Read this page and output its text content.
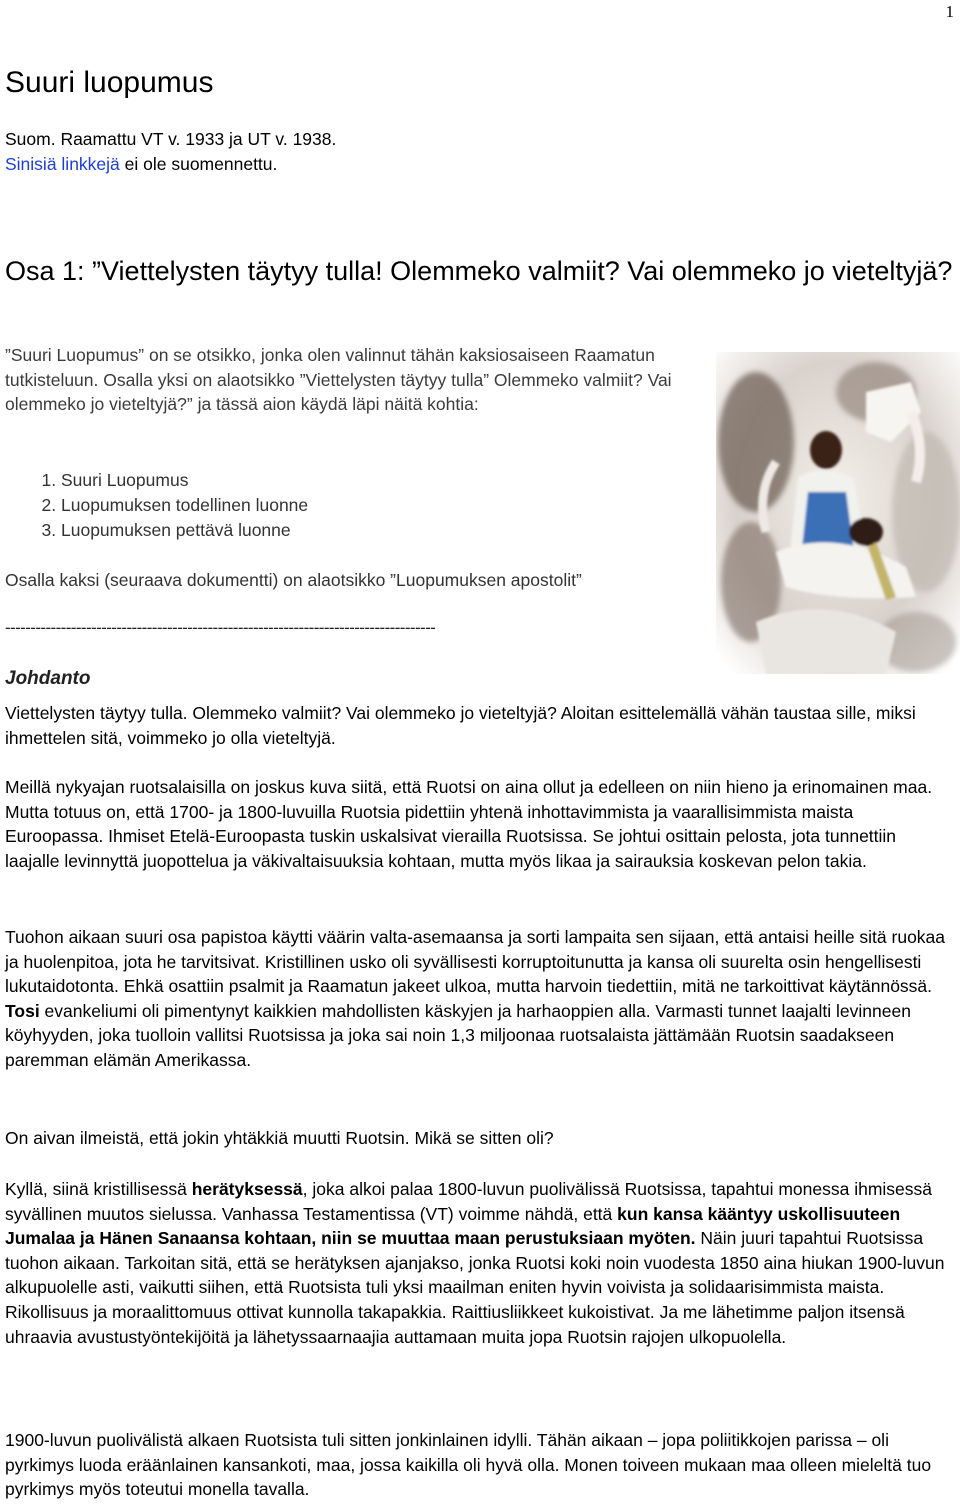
1
Suuri luopumus

Suom. Raamattu VT v. 1933 ja UT v. 1938.

Sinisiä linkkejä ei ole suomennettu.

Osa 1: ”Viettelysten täytyy tulla! Olemmeko valmiit? Vai olemmeko jo vieteltyjä?

”Suuri Luopumus” on se otsikko, jonka olen valinnut tähän kaksiosaiseen Raamatun tutkisteluun. Osalla yksi on alaotsikko ”Viettelysten täytyy tulla” Olemmeko valmiit? Vai olemmeko jo vieteltyjä?” ja tässä aion käydä läpi näitä kohtia:

1. Suuri Luopumus
2. Luopumuksen todellinen luonne
3. Luopumuksen pettävä luonne

Osalla kaksi (seuraava dokumentti) on alaotsikko ”Luopumuksen apostolit”

-------------------------------------------------------------------------------------

Johdanto

Viettelysten täytyy tulla. Olemmeko valmiit? Vai olemmeko jo vieteltyjä? Aloitan esittelemällä vähän taustaa sille, miksi ihmettelen sitä, voimmeko jo olla vieteltyjä.

Meillä nykyajan ruotsalaisilla on joskus kuva siitä, että Ruotsi on aina ollut ja edelleen on niin hieno ja erinomainen maa. Mutta totuus on, että 1700- ja 1800-luvuilla Ruotsia pidettiin yhtenä inhottavimmista ja vaarallisimmista maista Euroopassa. Ihmiset Etelä-Euroopasta tuskin uskalsivat vierailla Ruotsissa. Se johtui osittain pelosta, jota tunnettiin laajalle levinnyttä juopottelua ja väkivaltaisuuksia kohtaan, mutta myös likaa ja sairauksia koskevan pelon takia.

Tuohon aikaan suuri osa papistoa käytti väärin valta-asemaansa ja sorti lampaita sen sijaan, että antaisi heille sitä ruokaa ja huolenpitoa, jota he tarvitsivat. Kristillinen usko oli syvällisesti korruptoitunutta ja kansa oli suurelta osin hengellisesti lukutaidotonta. Ehkä osattiin psalmit ja Raamatun jakeet ulkoa, mutta harvoin tiedettiin, mitä ne tarkoittivat käytännössä. Tosi evankeliumi oli pimentynyt kaikkien mahdollisten käskyjen ja harhaoppien alla. Varmasti tunnet laajalti levinneen köyhyyden, joka tuolloin vallitsi Ruotsissa ja joka sai noin 1,3 miljoonaa ruotsalaista jättämään Ruotsin saadakseen paremman elämän Amerikassa.

On aivan ilmeistä, että jokin yhtäkkiä muutti Ruotsin. Mikä se sitten oli?

Kyllä, siinä kristillisessä herätyksessä, joka alkoi palaa 1800-luvun puolivälissä Ruotsissa, tapahtui monessa ihmisessä syvällinen muutos sielussa. Vanhassa Testamentissa (VT) voimme nähdä, että kun kansa kääntyy uskollisuuteen Jumalaa ja Hänen Sanaansa kohtaan, niin se muuttaa maan perustuksiaan myöten. Näin juuri tapahtui Ruotsissa tuohon aikaan. Tarkoitan sitä, että se herätyksen ajanjakso, jonka Ruotsi koki noin vuodesta 1850 aina hiukan 1900-luvun alkupuolelle asti, vaikutti siihen, että Ruotsista tuli yksi maailman eniten hyvin voivista ja solidaarisimmista maista. Rikollisuus ja moraalittomuus ottivat kunnolla takapakkia. Raittiusliikkeet kukoistivat. Ja me lähetimme paljon itsensä uhraavia avustustyöntekijöitä ja lähetyssaarnaajia auttamaan muita jopa Ruotsin rajojen ulkopuolella.

1900-luvun puolivälistä alkaen Ruotsista tuli sitten jonkinlainen idylli. Tähän aikaan – jopa poliitikkojen parissa – oli pyrkimys luoda eräänlainen kansankoti, maa, jossa kaikilla oli hyvä olla. Monen toiveen mukaan maa olleen mieleltä tuo pyrkimys myös toteutui monella tavalla.
